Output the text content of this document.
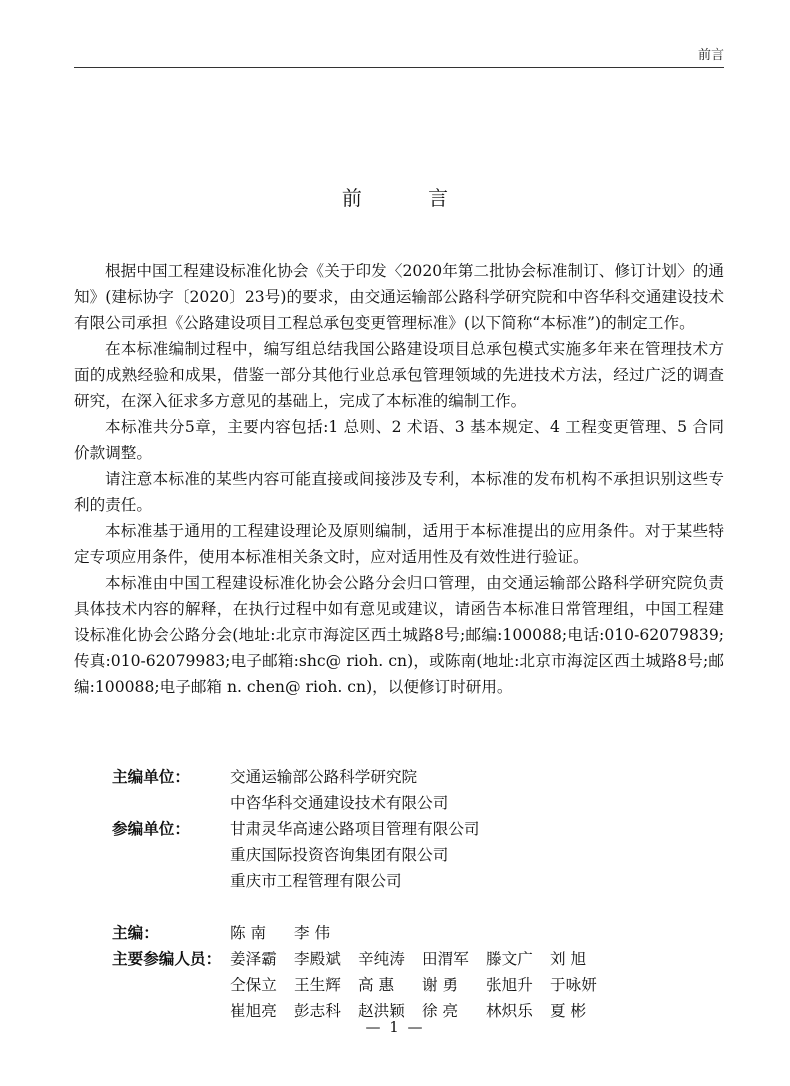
前言
前 言

根据中国工程建设标准化协会《关于印发〈2020年第二批协会标准制订、修订计划〉的通知》(建标协字〔2020〕23号)的要求，由交通运输部公路科学研究院和中咨华科交通建设技术有限公司承担《公路建设项目工程总承包变更管理标准》(以下简称“本标准”)的制定工作。

在本标准编制过程中，编写组总结我国公路建设项目总承包模式实施多年来在管理技术方面的成熟经验和成果，借鉴一部分其他行业总承包管理领域的先进技术方法，经过广泛的调查研究，在深入征求多方意见的基础上，完成了本标准的编制工作。

本标准共分5章，主要内容包括:1 总则、2 术语、3 基本规定、4 工程变更管理、5 合同价款调整。

请注意本标准的某些内容可能直接或间接涉及专利，本标准的发布机构不承担识别这些专利的责任。

本标准基于通用的工程建设理论及原则编制，适用于本标准提出的应用条件。对于某些特定专项应用条件，使用本标准相关条文时，应对适用性及有效性进行验证。

本标准由中国工程建设标准化协会公路分会归口管理，由交通运输部公路科学研究院负责具体技术内容的解释，在执行过程中如有意见或建议，请函告本标准日常管理组，中国工程建设标准化协会公路分会(地址:北京市海淀区西土城路8号;邮编:100088;电话:010-62079839;传真:010-62079983;电子邮箱:shc@ rioh. cn)，或陈南(地址:北京市海淀区西土城路8号;邮编:100088;电子邮箱 n. chen@ rioh. cn)，以便修订时研用。

主编单位：	交通运输部公路科学研究院
中咨华科交通建设技术有限公司
参编单位：	甘肃灵华高速公路项目管理有限公司
重庆国际投资咨询集团有限公司
重庆市工程管理有限公司
主编：	陈 南 李 伟
主要参编人员： 姜泽霸 李殿斌 辛纯涛 田渭军 滕文广 刘 旭
仝保立 王生辉 高 惠 谢 勇 张旭升 于咏妍
崔旭亮 彭志科 赵洪颖 徐 亮 林炽乐 夏 彬
— 1 —
